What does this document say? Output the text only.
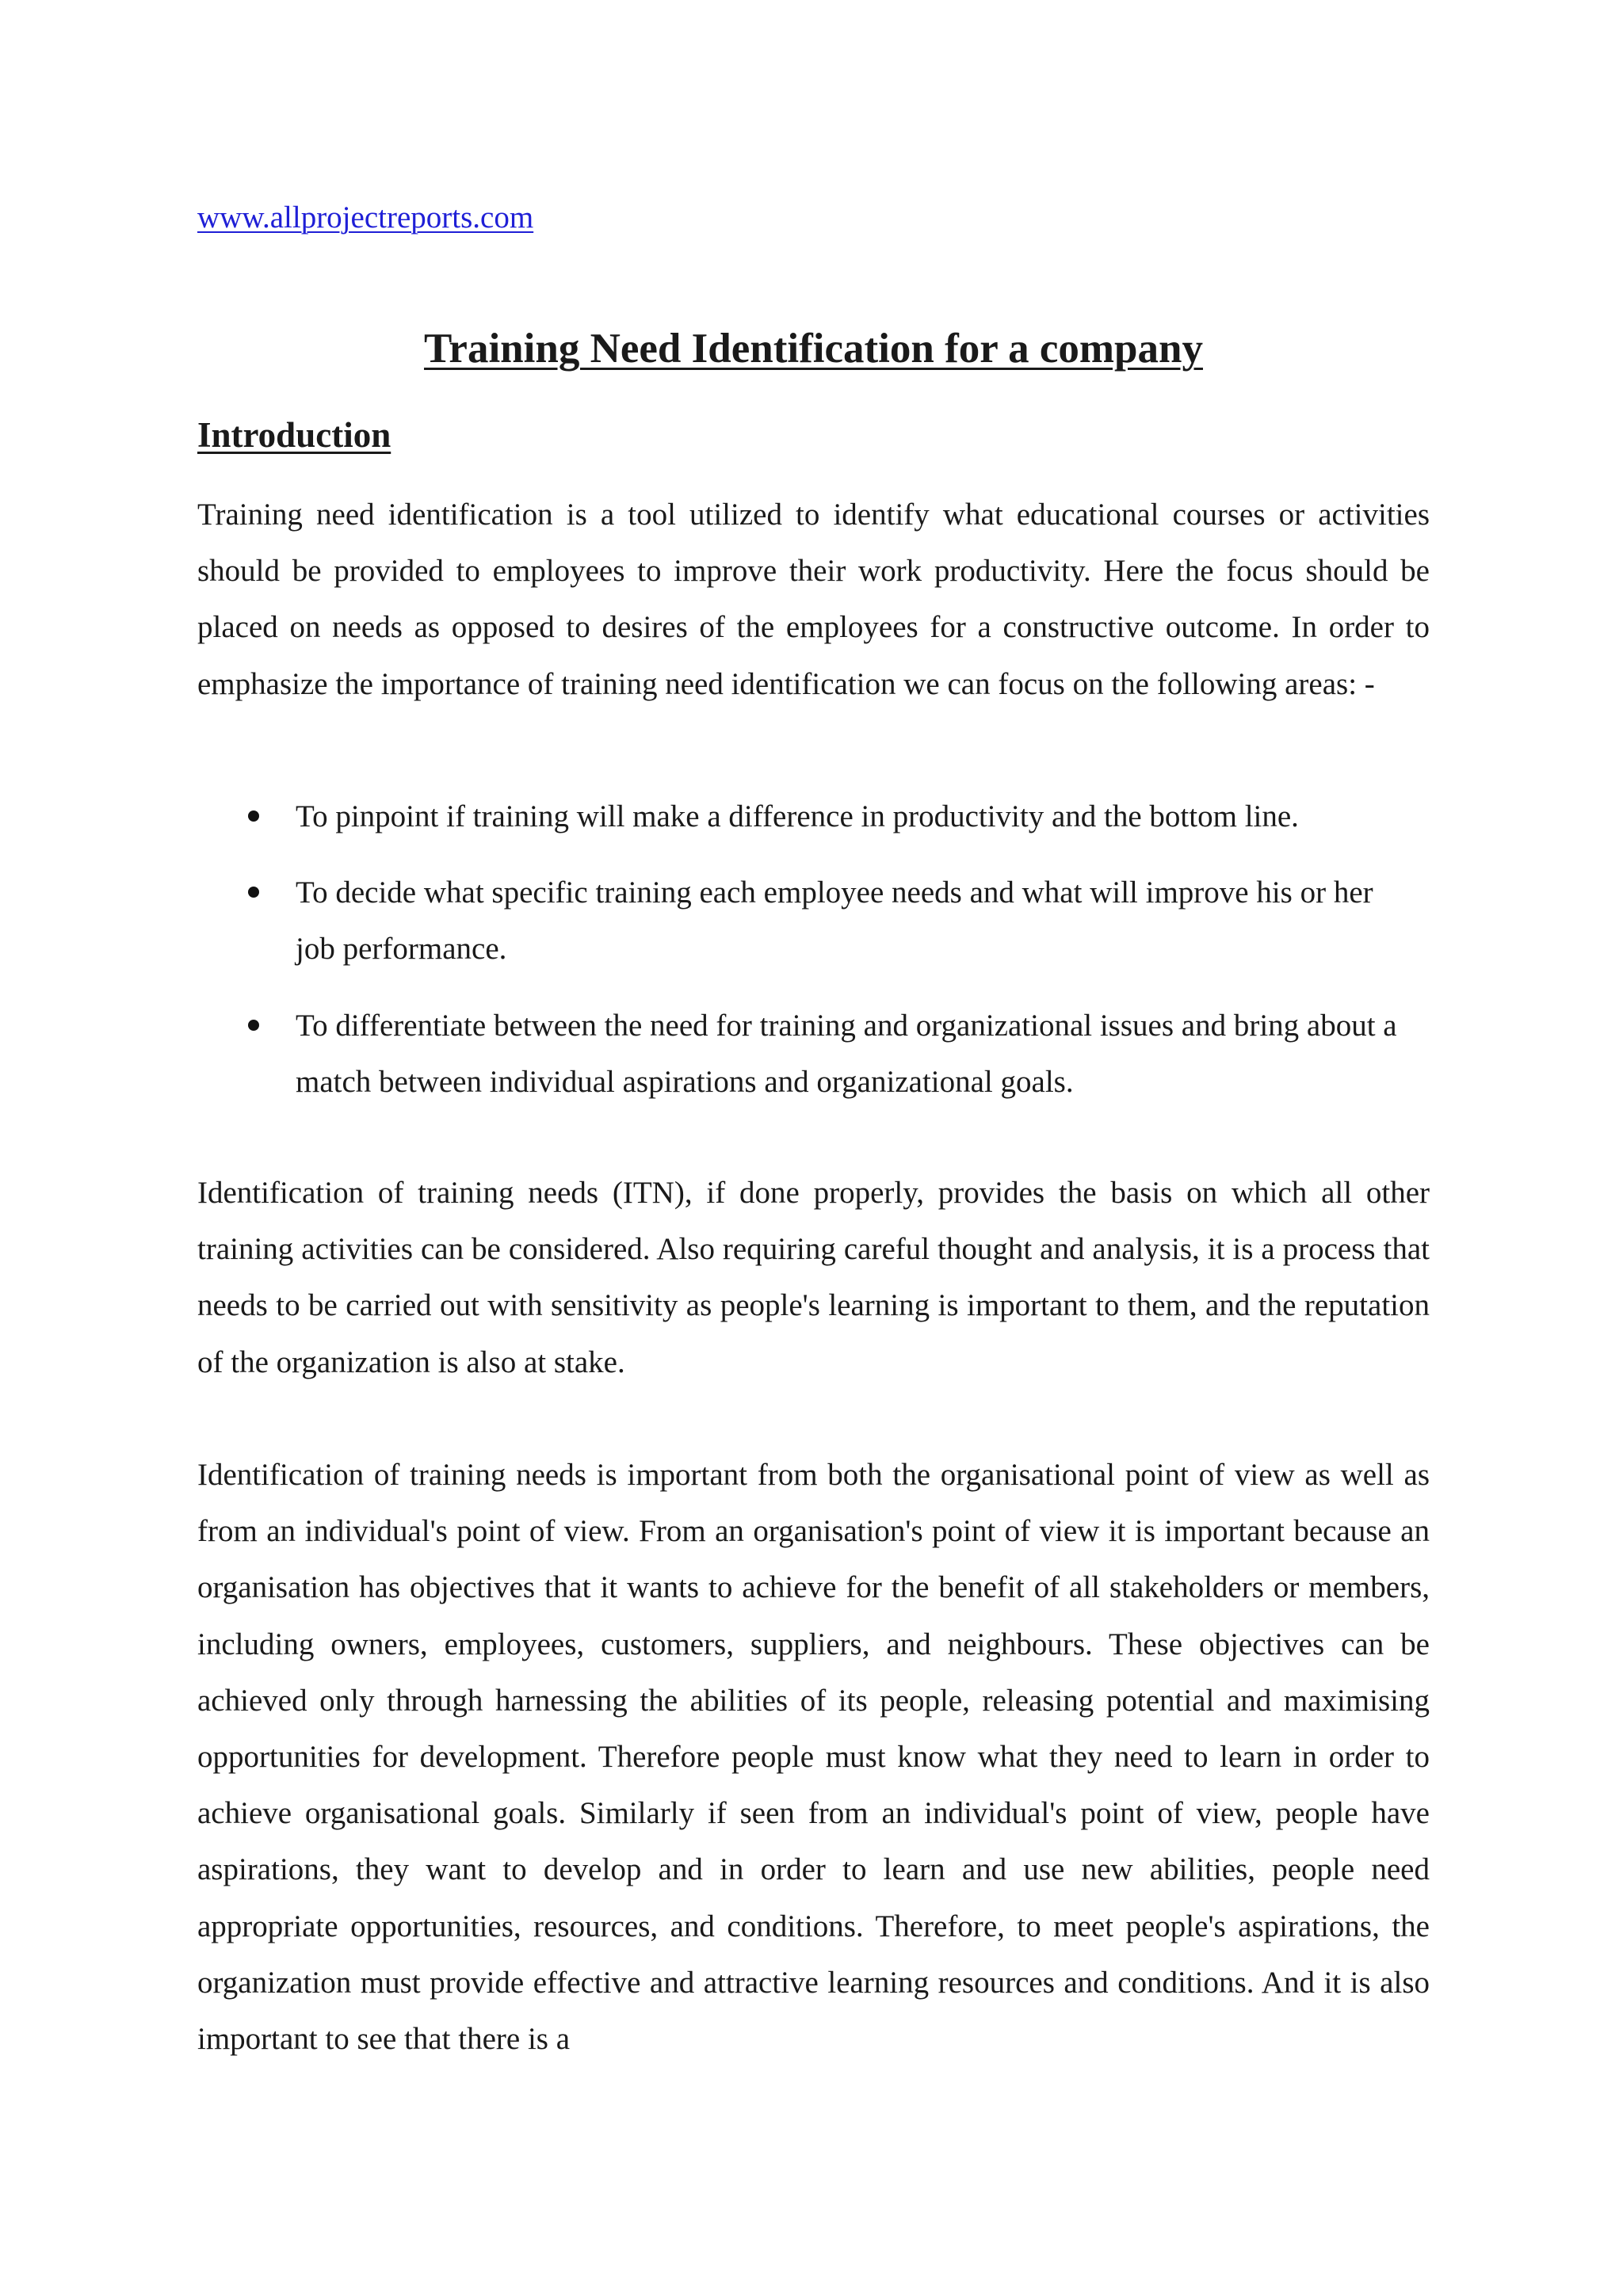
www.allprojectreports.com
Training Need Identification for a company
Introduction

Training need identification is a tool utilized to identify what educational courses or activities should be provided to employees to improve their work productivity. Here the focus should be placed on needs as opposed to desires of the employees for a constructive outcome. In order to emphasize the importance of training need identification we can focus on the following areas: -

To pinpoint if training will make a difference in productivity and the bottom line.
To decide what specific training each employee needs and what will improve his or her job performance.
To differentiate between the need for training and organizational issues and bring about a match between individual aspirations and organizational goals.

Identification of training needs (ITN), if done properly, provides the basis on which all other training activities can be considered. Also requiring careful thought and analysis, it is a process that needs to be carried out with sensitivity as people's learning is important to them, and the reputation of the organization is also at stake.

Identification of training needs is important from both the organisational point of view as well as from an individual's point of view. From an organisation's point of view it is important because an organisation has objectives that it wants to achieve for the benefit of all stakeholders or members, including owners, employees, customers, suppliers, and neighbours. These objectives can be achieved only through harnessing the abilities of its people, releasing potential and maximising opportunities for development. Therefore people must know what they need to learn in order to achieve organisational goals. Similarly if seen from an individual's point of view, people have aspirations, they want to develop and in order to learn and use new abilities, people need appropriate opportunities, resources, and conditions. Therefore, to meet people's aspirations, the organization must provide effective and attractive learning resources and conditions. And it is also important to see that there is a
